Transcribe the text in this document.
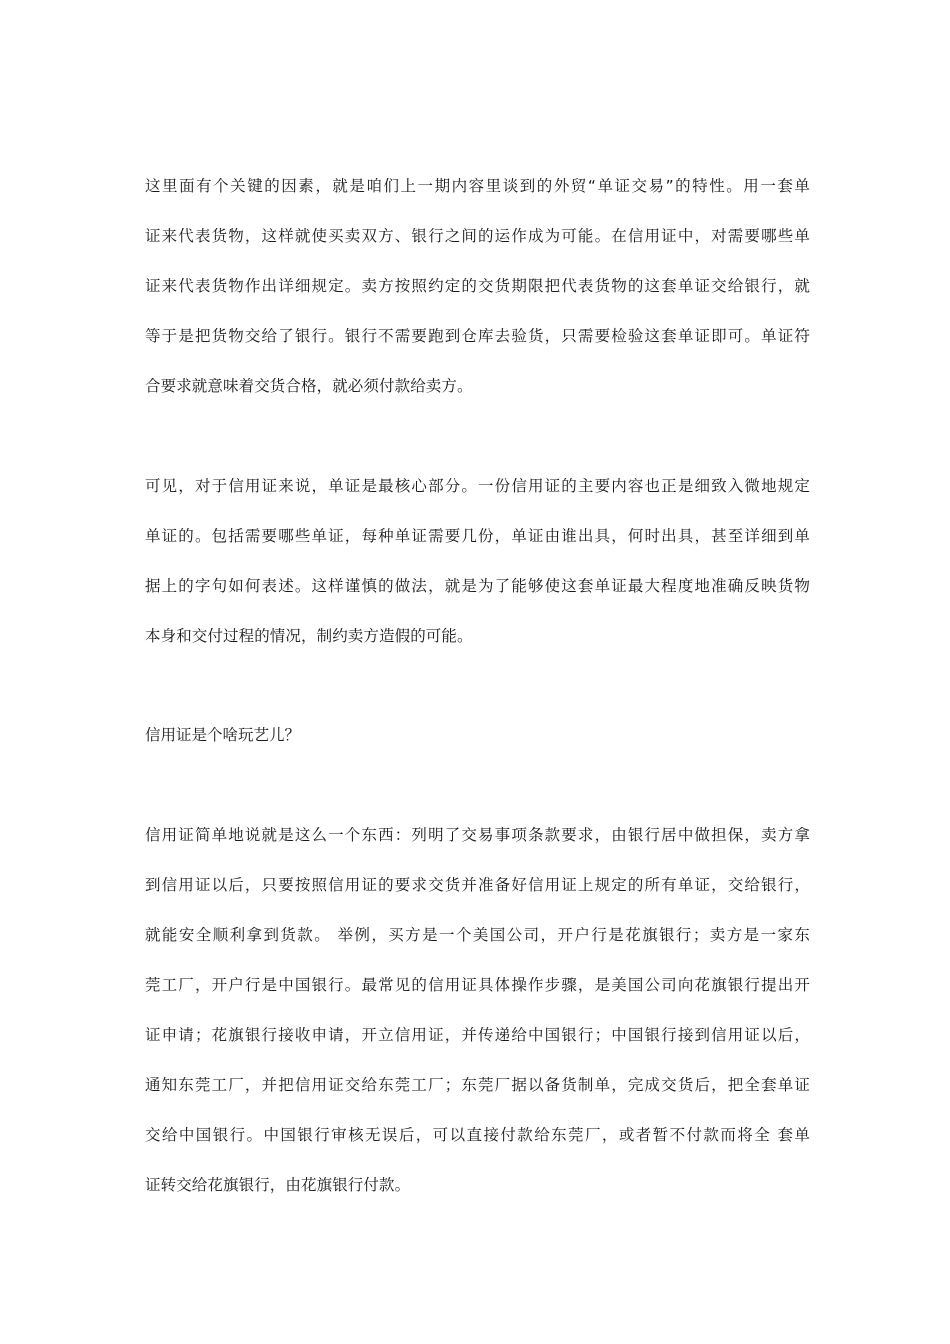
这里面有个关键的因素，就是咱们上一期内容里谈到的外贸“单证交易”的特性。用一套单
证来代表货物，这样就使买卖双方、银行之间的运作成为可能。在信用证中，对需要哪些单
证来代表货物作出详细规定。卖方按照约定的交货期限把代表货物的这套单证交给银行，就
等于是把货物交给了银行。银行不需要跑到仓库去验货，只需要检验这套单证即可。单证符
合要求就意味着交货合格，就必须付款给卖方。
可见，对于信用证来说，单证是最核心部分。一份信用证的主要内容也正是细致入微地规定
单证的。包括需要哪些单证，每种单证需要几份，单证由谁出具，何时出具，甚至详细到单
据上的字句如何表述。这样谨慎的做法，就是为了能够使这套单证最大程度地准确反映货物
本身和交付过程的情况，制约卖方造假的可能。
信用证是个啥玩艺儿？
信用证简单地说就是这么一个东西：列明了交易事项条款要求，由银行居中做担保，卖方拿
到信用证以后，只要按照信用证的要求交货并准备好信用证上规定的所有单证，交给银行，
就能安全顺利拿到货款。 举例，买方是一个美国公司，开户行是花旗银行；卖方是一家东
莞工厂，开户行是中国银行。最常见的信用证具体操作步骤，是美国公司向花旗银行提出开
证申请；花旗银行接收申请，开立信用证，并传递给中国银行；中国银行接到信用证以后，
通知东莞工厂，并把信用证交给东莞工厂；东莞厂据以备货制单，完成交货后，把全套单证
交给中国银行。中国银行审核无误后，可以直接付款给东莞厂，或者暂不付款而将全 套单
证转交给花旗银行，由花旗银行付款。
